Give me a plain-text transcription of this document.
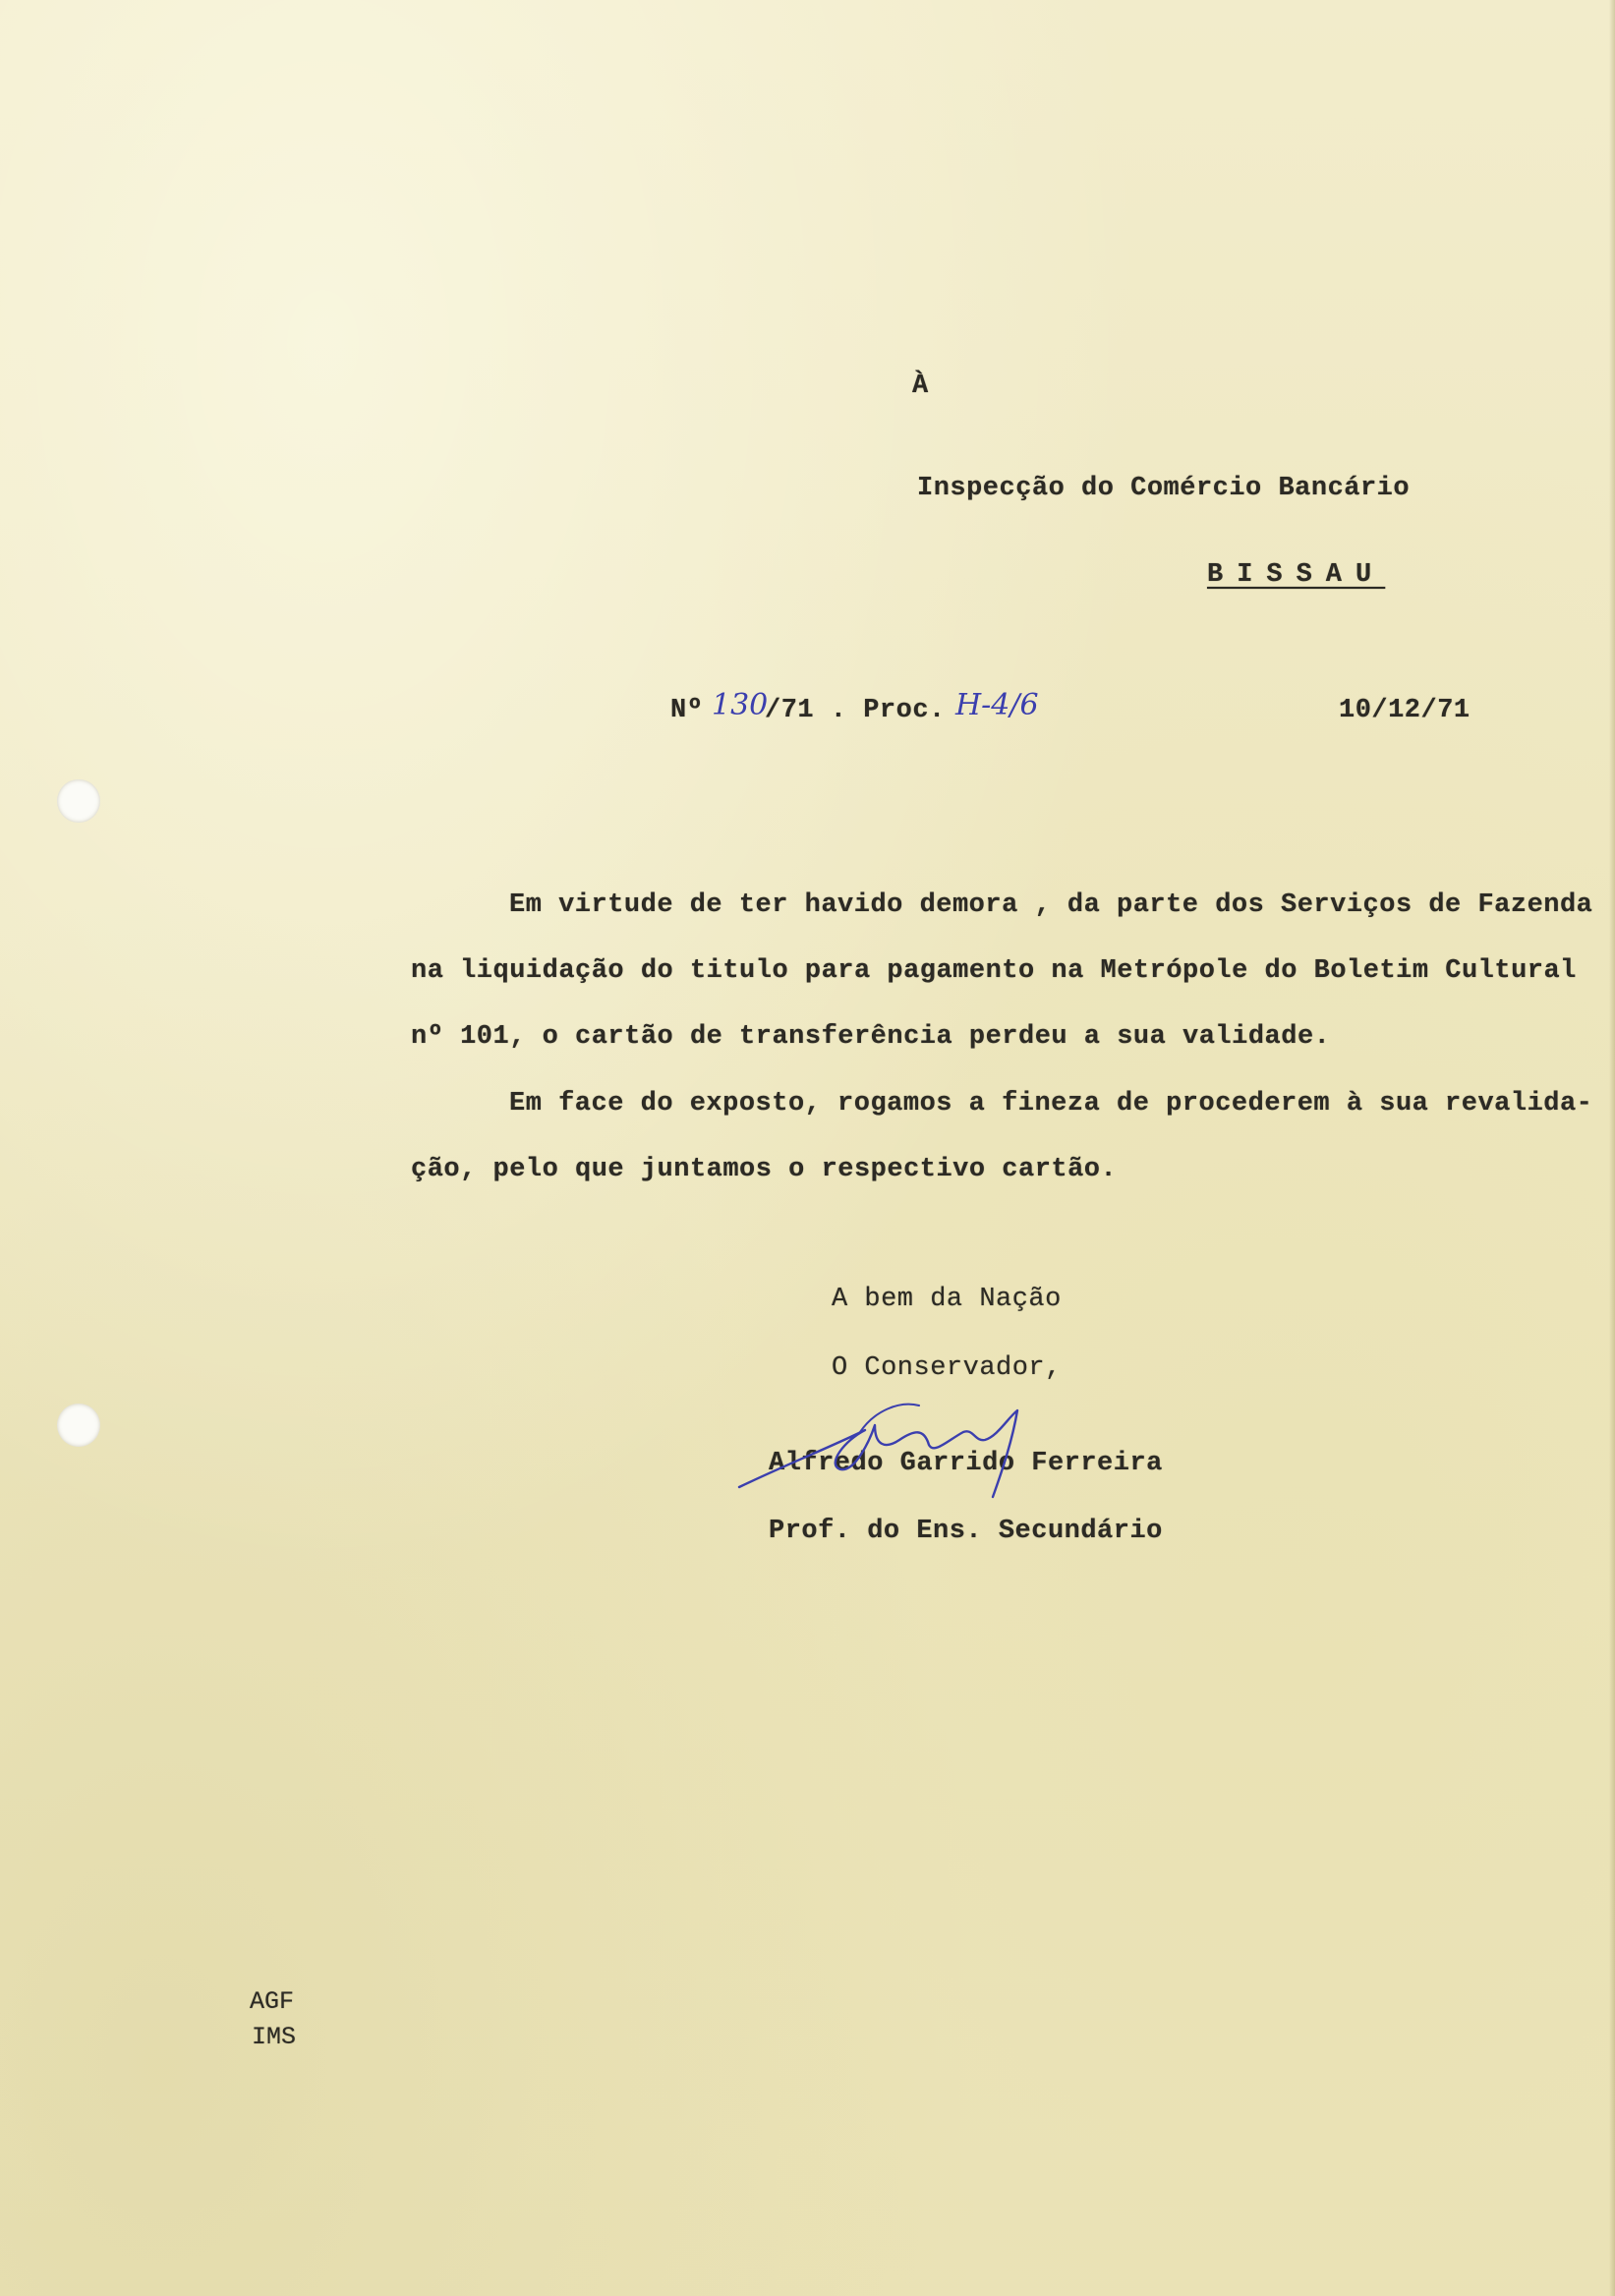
À
Inspecção do Comércio Bancário
BISSAU
Nº 130
/71 . Proc. H-4/6	10/12/71
Em virtude de ter havido demora , da parte dos Serviços de Fazenda
na liquidação do titulo para pagamento na Metrópole do Boletim Cultural
nº 101, o cartão de transferência perdeu a sua validade.
Em face do exposto, rogamos a fineza de procederem à sua revalida-
ção, pelo que juntamos o respectivo cartão.
A bem da Nação
O Conservador,
Alfredo Garrido Ferreira
Prof. do Ens. Secundário
AGF
IMS
